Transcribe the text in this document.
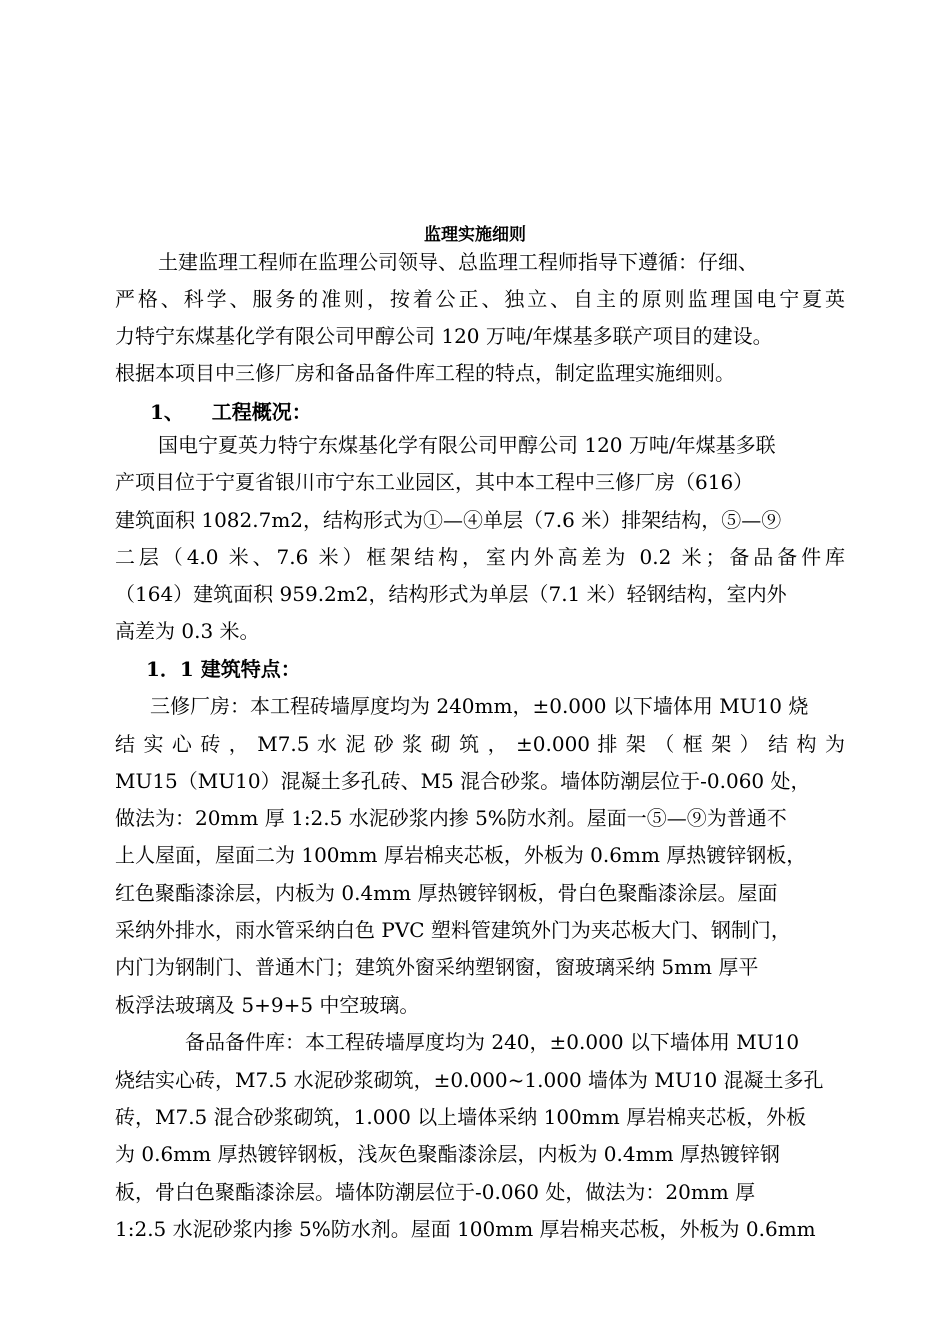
监理实施细则
土建监理工程师在监理公司领导、总监理工程师指导下遵循：仔细、
严格、科学、服务的准则，按着公正、独立、自主的原则监理国电宁夏英
力特宁东煤基化学有限公司甲醇公司 120 万吨/年煤基多联产项目的建设。
根据本项目中三修厂房和备品备件库工程的特点，制定监理实施细则。
1、    工程概况：
国电宁夏英力特宁东煤基化学有限公司甲醇公司 120 万吨/年煤基多联
产项目位于宁夏省银川市宁东工业园区，其中本工程中三修厂房（616）
建筑面积 1082.7m2，结构形式为①—④单层（7.6 米）排架结构，⑤—⑨
二层（4.0 米、7.6 米）框架结构，室内外高差为 0.2 米；备品备件库
（164）建筑面积 959.2m2，结构形式为单层（7.1 米）轻钢结构，室内外
高差为 0.3 米。
1．1 建筑特点：
三修厂房：本工程砖墙厚度均为 240mm，±0.000 以下墙体用 MU10 烧
结 实 心 砖 ， M7.5 水 泥 砂 浆 砌 筑 ， ±0.000 排 架 （ 框 架 ） 结 构 为
MU15（MU10）混凝土多孔砖、M5 混合砂浆。墙体防潮层位于-0.060 处，
做法为：20mm 厚 1:2.5 水泥砂浆内掺 5%防水剂。屋面一⑤—⑨为普通不
上人屋面，屋面二为 100mm 厚岩棉夹芯板，外板为 0.6mm 厚热镀锌钢板，
红色聚酯漆涂层，内板为 0.4mm 厚热镀锌钢板，骨白色聚酯漆涂层。屋面
采纳外排水，雨水管采纳白色 PVC 塑料管建筑外门为夹芯板大门、钢制门，
内门为钢制门、普通木门；建筑外窗采纳塑钢窗，窗玻璃采纳 5mm 厚平
板浮法玻璃及 5+9+5 中空玻璃。
备品备件库：本工程砖墙厚度均为 240，±0.000 以下墙体用 MU10
烧结实心砖，M7.5 水泥砂浆砌筑，±0.000~1.000 墙体为 MU10 混凝土多孔
砖，M7.5 混合砂浆砌筑，1.000 以上墙体采纳 100mm 厚岩棉夹芯板，外板
为 0.6mm 厚热镀锌钢板，浅灰色聚酯漆涂层，内板为 0.4mm 厚热镀锌钢
板，骨白色聚酯漆涂层。墙体防潮层位于-0.060 处，做法为：20mm 厚
1:2.5 水泥砂浆内掺 5%防水剂。屋面 100mm 厚岩棉夹芯板，外板为 0.6mm
